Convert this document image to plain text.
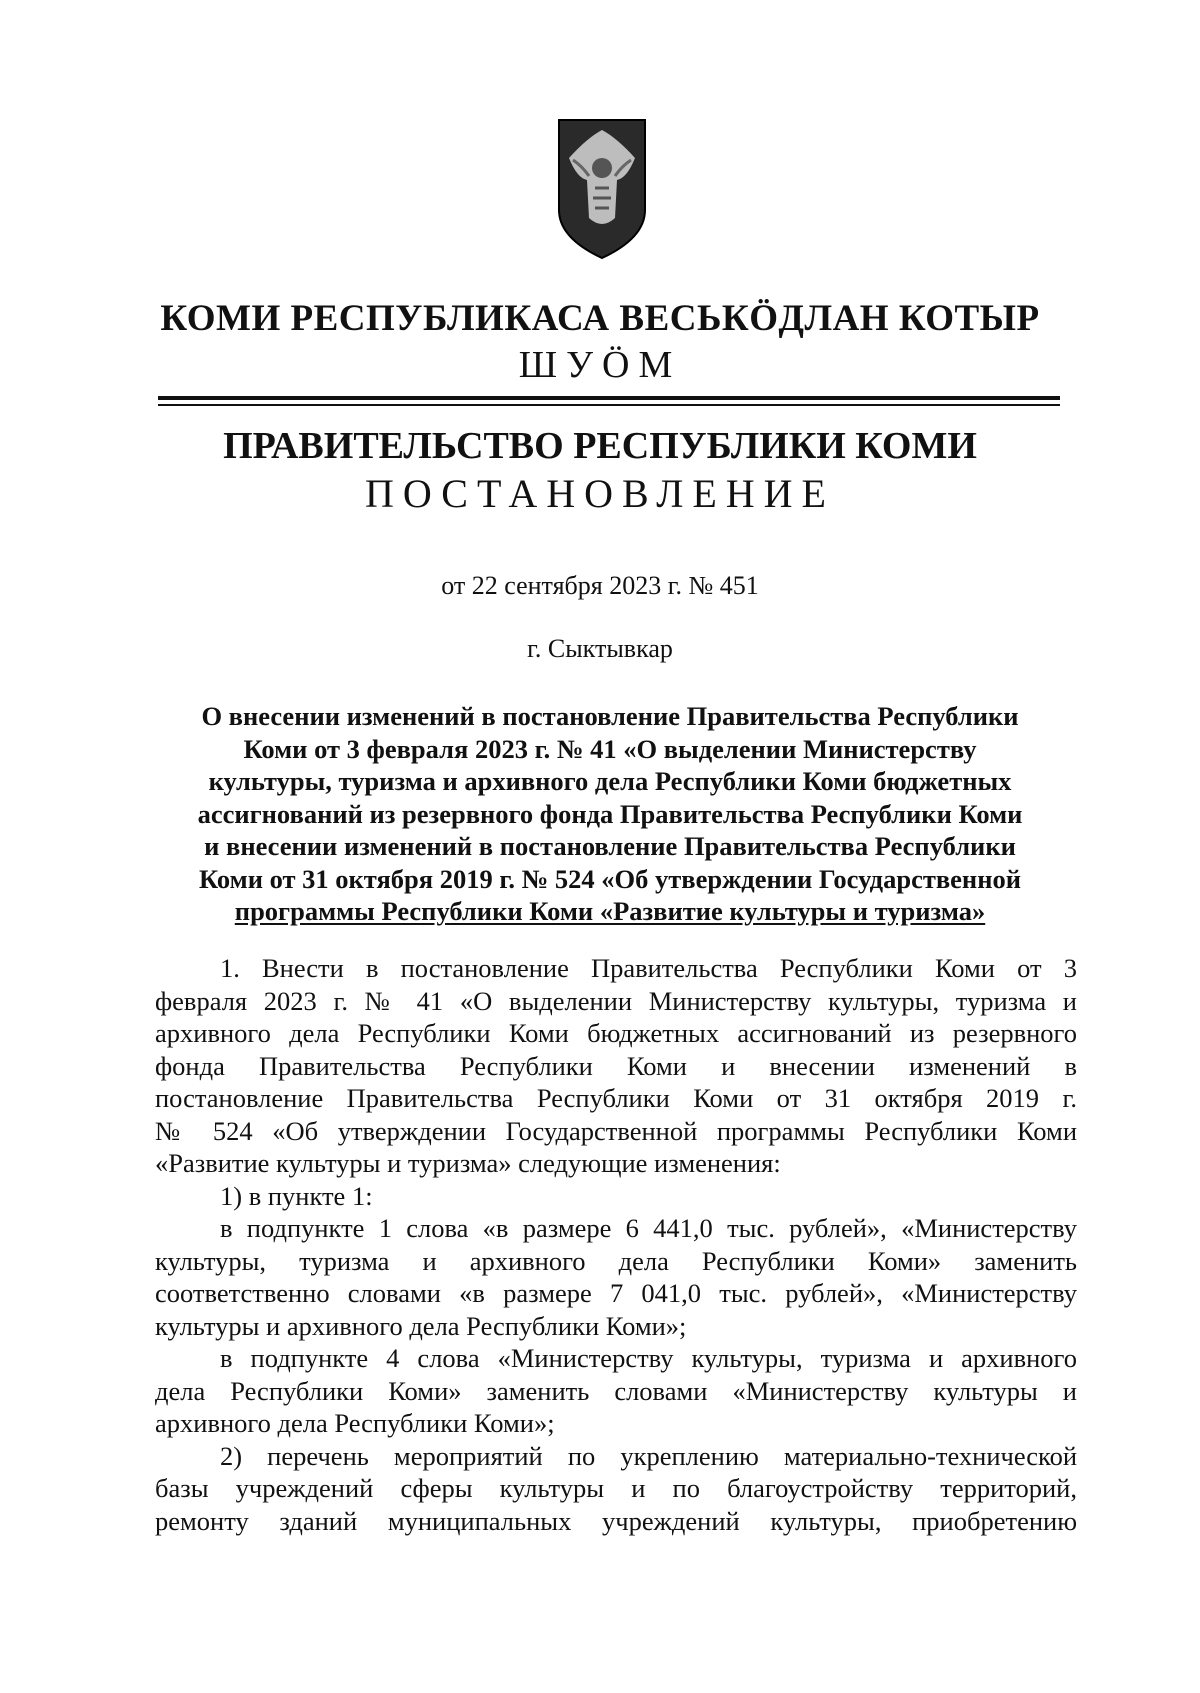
КОМИ РЕСПУБЛИКАСА ВЕСЬКӦДЛАН КОТЫР
ШУӦМ
ПРАВИТЕЛЬСТВО РЕСПУБЛИКИ КОМИ
ПОСТАНОВЛЕНИЕ
от 22 сентября 2023 г. № 451
г. Сыктывкар
О внесении изменений в постановление Правительства Республики
Коми от 3 февраля 2023 г. № 41 «О выделении Министерству
культуры, туризма и архивного дела Республики Коми бюджетных
ассигнований из резервного фонда Правительства Республики Коми
и внесении изменений в постановление Правительства Республики
Коми от 31 октября 2019 г. № 524 «Об утверждении Государственной
программы Республики Коми «Развитие культуры и туризма»
1. Внести в постановление Правительства Республики Коми от 3
февраля 2023 г. № 41 «О выделении Министерству культуры, туризма и
архивного дела Республики Коми бюджетных ассигнований из резервного
фонда Правительства Республики Коми и внесении изменений в
постановление Правительства Республики Коми от 31 октября 2019 г.
№ 524 «Об утверждении Государственной программы Республики Коми
«Развитие культуры и туризма» следующие изменения:
1) в пункте 1:
в подпункте 1 слова «в размере 6 441,0 тыс. рублей», «Министерству
культуры, туризма и архивного дела Республики Коми» заменить
соответственно словами «в размере 7 041,0 тыс. рублей», «Министерству
культуры и архивного дела Республики Коми»;
в подпункте 4 слова «Министерству культуры, туризма и архивного
дела Республики Коми» заменить словами «Министерству культуры и
архивного дела Республики Коми»;
2) перечень мероприятий по укреплению материально-технической
базы учреждений сферы культуры и по благоустройству территорий,
ремонту зданий муниципальных учреждений культуры, приобретению
